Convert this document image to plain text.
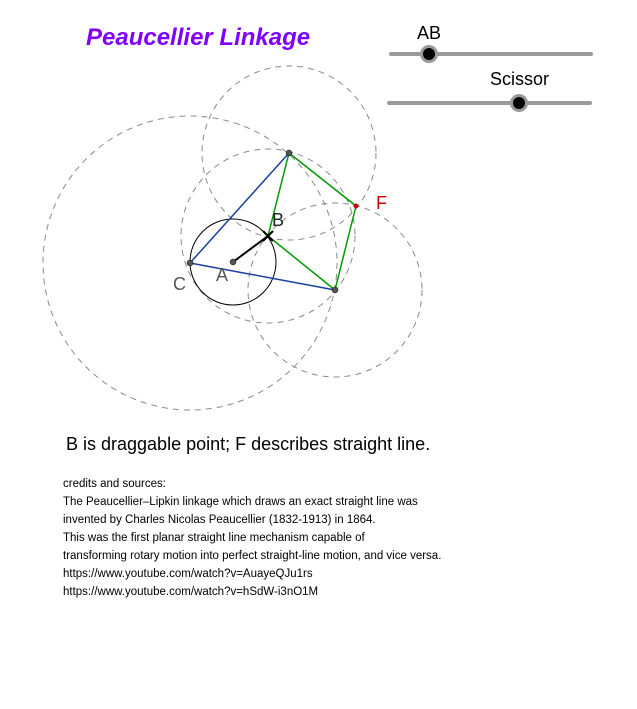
Peaucellier Linkage	AB
Scissor
A
B
C
F
B is draggable point; F describes straight line.
credits and sources:
The Peaucellier–Lipkin linkage which draws an exact straight line was
invented by Charles Nicolas Peaucellier (1832-1913) in 1864.
This was the first planar straight line mechanism capable of
transforming rotary motion into perfect straight-line motion, and vice versa.
https://www.youtube.com/watch?v=AuayeQJu1rs
https://www.youtube.com/watch?v=hSdW-i3nO1M
